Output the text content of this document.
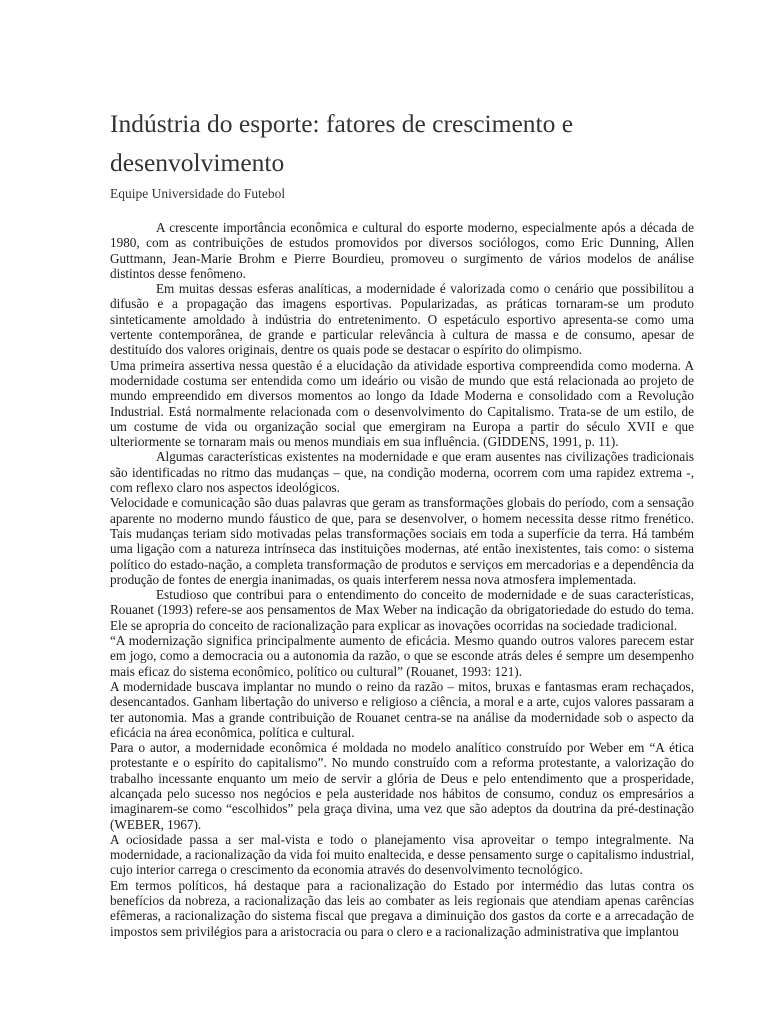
Indústria do esporte: fatores de crescimento e desenvolvimento
Equipe Universidade do Futebol

A crescente importância econômica e cultural do esporte moderno, especialmente após a década de 1980, com as contribuições de estudos promovidos por diversos sociólogos, como Eric Dunning, Allen Guttmann, Jean-Marie Brohm e Pierre Bourdieu, promoveu o surgimento de vários modelos de análise distintos desse fenômeno.

Em muitas dessas esferas analíticas, a modernidade é valorizada como o cenário que possibilitou a difusão e a propagação das imagens esportivas. Popularizadas, as práticas tornaram-se um produto sinteticamente amoldado à indústria do entretenimento. O espetáculo esportivo apresenta-se como uma vertente contemporânea, de grande e particular relevância à cultura de massa e de consumo, apesar de destituído dos valores originais, dentre os quais pode se destacar o espírito do olimpismo.

Uma primeira assertiva nessa questão é a elucidação da atividade esportiva compreendida como moderna. A modernidade costuma ser entendida como um ideário ou visão de mundo que está relacionada ao projeto de mundo empreendido em diversos momentos ao longo da Idade Moderna e consolidado com a Revolução Industrial. Está normalmente relacionada com o desenvolvimento do Capitalismo. Trata-se de um estilo, de um costume de vida ou organização social que emergiram na Europa a partir do século XVII e que ulteriormente se tornaram mais ou menos mundiais em sua influência. (GIDDENS, 1991, p. 11).

Algumas características existentes na modernidade e que eram ausentes nas civilizações tradicionais são identificadas no ritmo das mudanças – que, na condição moderna, ocorrem com uma rapidez extrema -, com reflexo claro nos aspectos ideológicos.

Velocidade e comunicação são duas palavras que geram as transformações globais do período, com a sensação aparente no moderno mundo fáustico de que, para se desenvolver, o homem necessita desse ritmo frenético. Tais mudanças teriam sido motivadas pelas transformações sociais em toda a superfície da terra. Há também uma ligação com a natureza intrínseca das instituições modernas, até então inexistentes, tais como: o sistema político do estado-nação, a completa transformação de produtos e serviços em mercadorias e a dependência da produção de fontes de energia inanimadas, os quais interferem nessa nova atmosfera implementada.

Estudioso que contribui para o entendimento do conceito de modernidade e de suas características, Rouanet (1993) refere-se aos pensamentos de Max Weber na indicação da obrigatoriedade do estudo do tema. Ele se apropria do conceito de racionalização para explicar as inovações ocorridas na sociedade tradicional.

“A modernização significa principalmente aumento de eficácia. Mesmo quando outros valores parecem estar em jogo, como a democracia ou a autonomia da razão, o que se esconde atrás deles é sempre um desempenho mais eficaz do sistema econômico, político ou cultural” (Rouanet, 1993: 121).

A modernidade buscava implantar no mundo o reino da razão – mitos, bruxas e fantasmas eram rechaçados, desencantados. Ganham libertação do universo e religioso a ciência, a moral e a arte, cujos valores passaram a ter autonomia. Mas a grande contribuição de Rouanet centra-se na análise da modernidade sob o aspecto da eficácia na área econômica, política e cultural.

Para o autor, a modernidade econômica é moldada no modelo analítico construído por Weber em “A ética protestante e o espírito do capitalismo”. No mundo construído com a reforma protestante, a valorização do trabalho incessante enquanto um meio de servir a glória de Deus e pelo entendimento que a prosperidade, alcançada pelo sucesso nos negócios e pela austeridade nos hábitos de consumo, conduz os empresários a imaginarem-se como “escolhidos” pela graça divina, uma vez que são adeptos da doutrina da pré-destinação (WEBER, 1967).

A ociosidade passa a ser mal-vista e todo o planejamento visa aproveitar o tempo integralmente. Na modernidade, a racionalização da vida foi muito enaltecida, e desse pensamento surge o capitalismo industrial, cujo interior carrega o crescimento da economia através do desenvolvimento tecnológico.

Em termos políticos, há destaque para a racionalização do Estado por intermédio das lutas contra os benefícios da nobreza, a racionalização das leis ao combater as leis regionais que atendiam apenas carências efêmeras, a racionalização do sistema fiscal que pregava a diminuição dos gastos da corte e a arrecadação de impostos sem privilégios para a aristocracia ou para o clero e a racionalização administrativa que implantou
